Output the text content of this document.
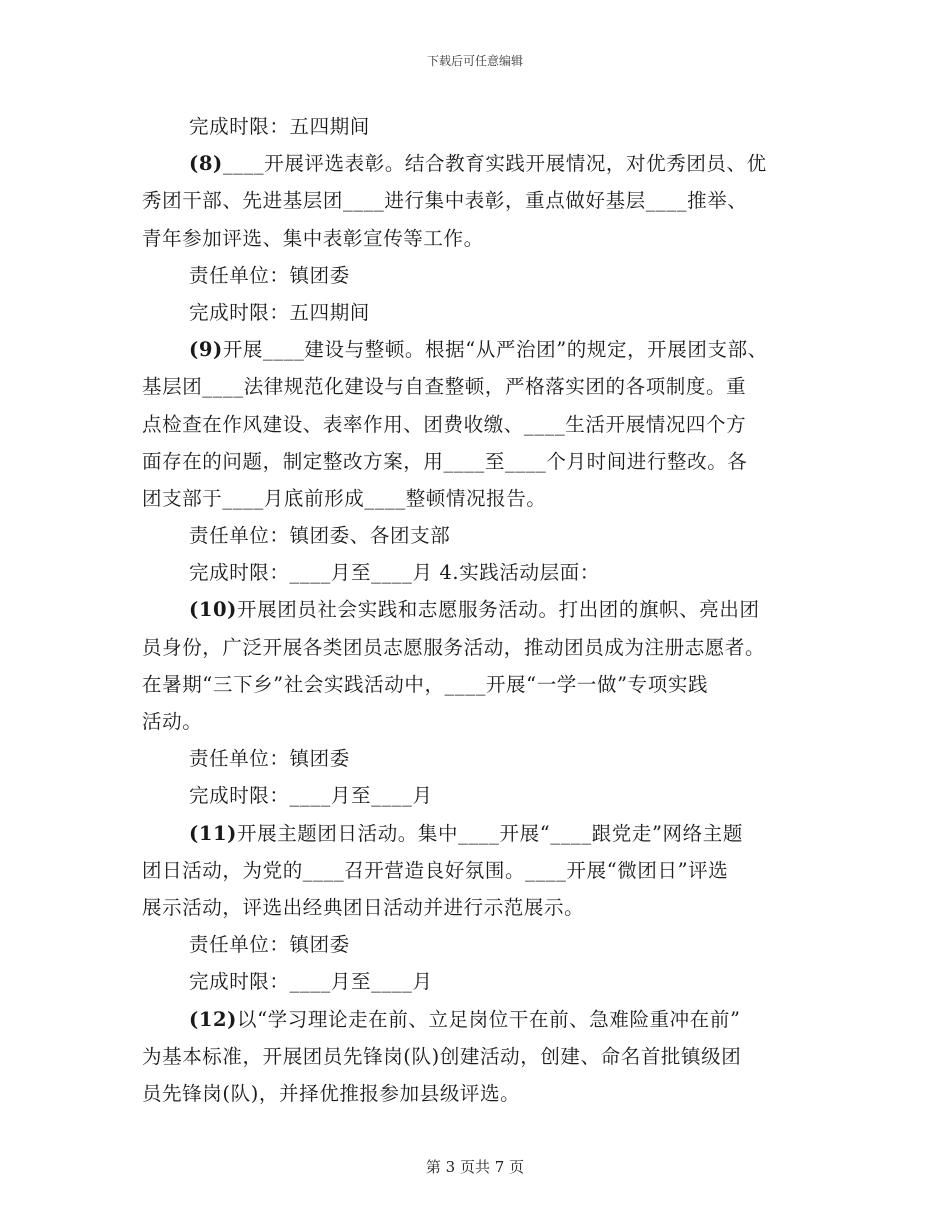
下载后可任意编辑
完成时限：五四期间
(8)____开展评选表彰。结合教育实践开展情况，对优秀团员、优
秀团干部、先进基层团____进行集中表彰，重点做好基层____推举、
青年参加评选、集中表彰宣传等工作。
责任单位：镇团委
完成时限：五四期间
(9)开展____建设与整顿。根据“从严治团”的规定，开展团支部、
基层团____法律规范化建设与自查整顿，严格落实团的各项制度。重
点检查在作风建设、表率作用、团费收缴、____生活开展情况四个方
面存在的问题，制定整改方案，用____至____个月时间进行整改。各
团支部于____月底前形成____整顿情况报告。
责任单位：镇团委、各团支部
完成时限：____月至____月 4.实践活动层面：
(10)开展团员社会实践和志愿服务活动。打出团的旗帜、亮出团
员身份，广泛开展各类团员志愿服务活动，推动团员成为注册志愿者。
在暑期“三下乡”社会实践活动中，____开展“一学一做”专项实践
活动。
责任单位：镇团委
完成时限：____月至____月
(11)开展主题团日活动。集中____开展“____跟党走”网络主题
团日活动，为党的____召开营造良好氛围。____开展“微团日”评选
展示活动，评选出经典团日活动并进行示范展示。
责任单位：镇团委
完成时限：____月至____月
(12)以“学习理论走在前、立足岗位干在前、急难险重冲在前”
为基本标准，开展团员先锋岗(队)创建活动，创建、命名首批镇级团
员先锋岗(队)，并择优推报参加县级评选。
第 3 页共 7 页
